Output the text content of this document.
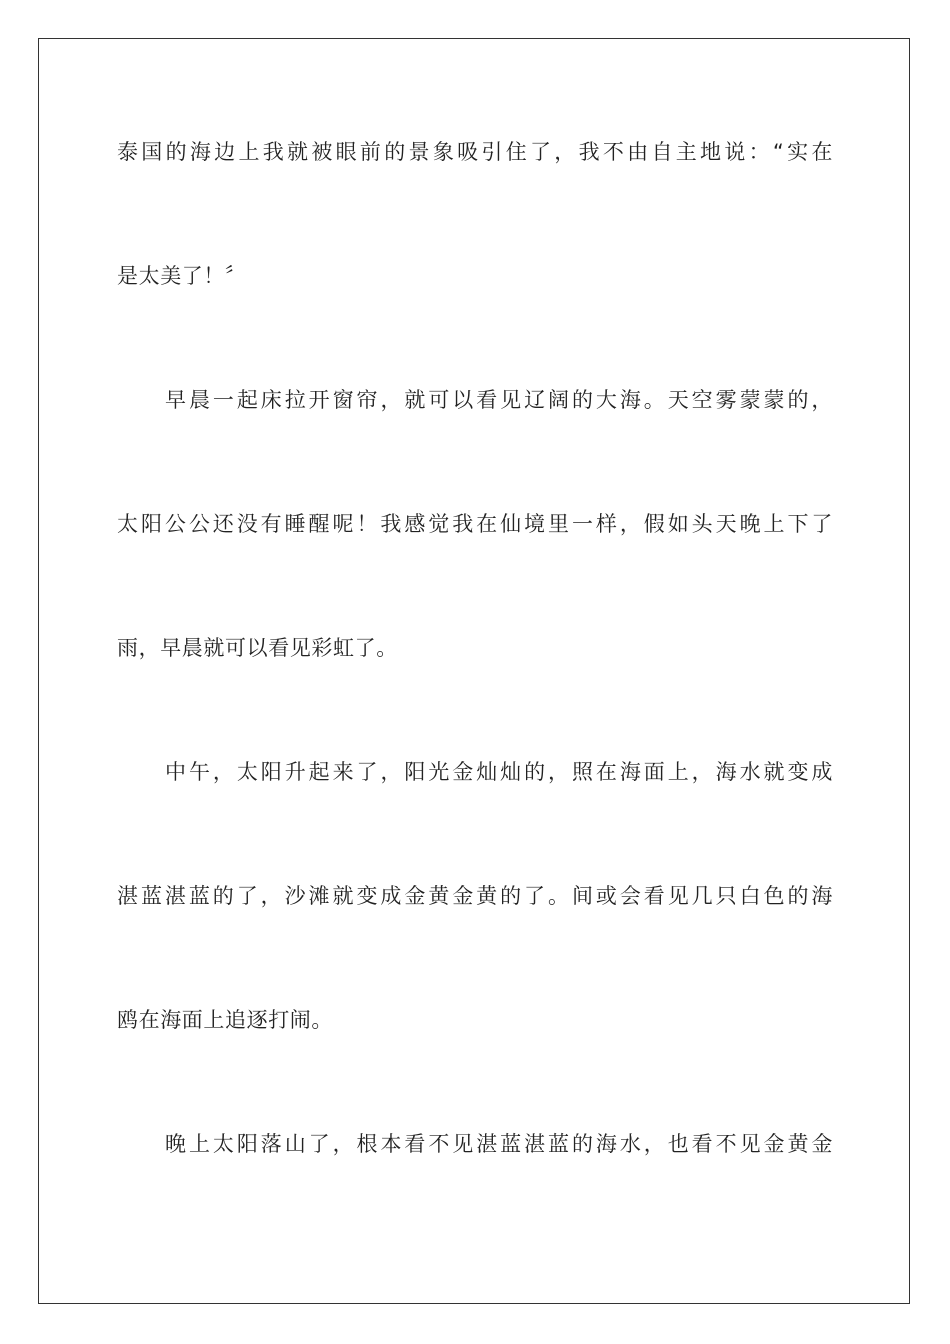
泰国的海边上我就被眼前的景象吸引住了，我不由自主地说：“实在
是太美了！〞
早晨一起床拉开窗帘，就可以看见辽阔的大海。天空雾蒙蒙的，
太阳公公还没有睡醒呢！我感觉我在仙境里一样，假如头天晚上下了
雨，早晨就可以看见彩虹了。
中午，太阳升起来了，阳光金灿灿的，照在海面上，海水就变成
湛蓝湛蓝的了，沙滩就变成金黄金黄的了。间或会看见几只白色的海
鸥在海面上追逐打闹。
晚上太阳落山了，根本看不见湛蓝湛蓝的海水，也看不见金黄金
